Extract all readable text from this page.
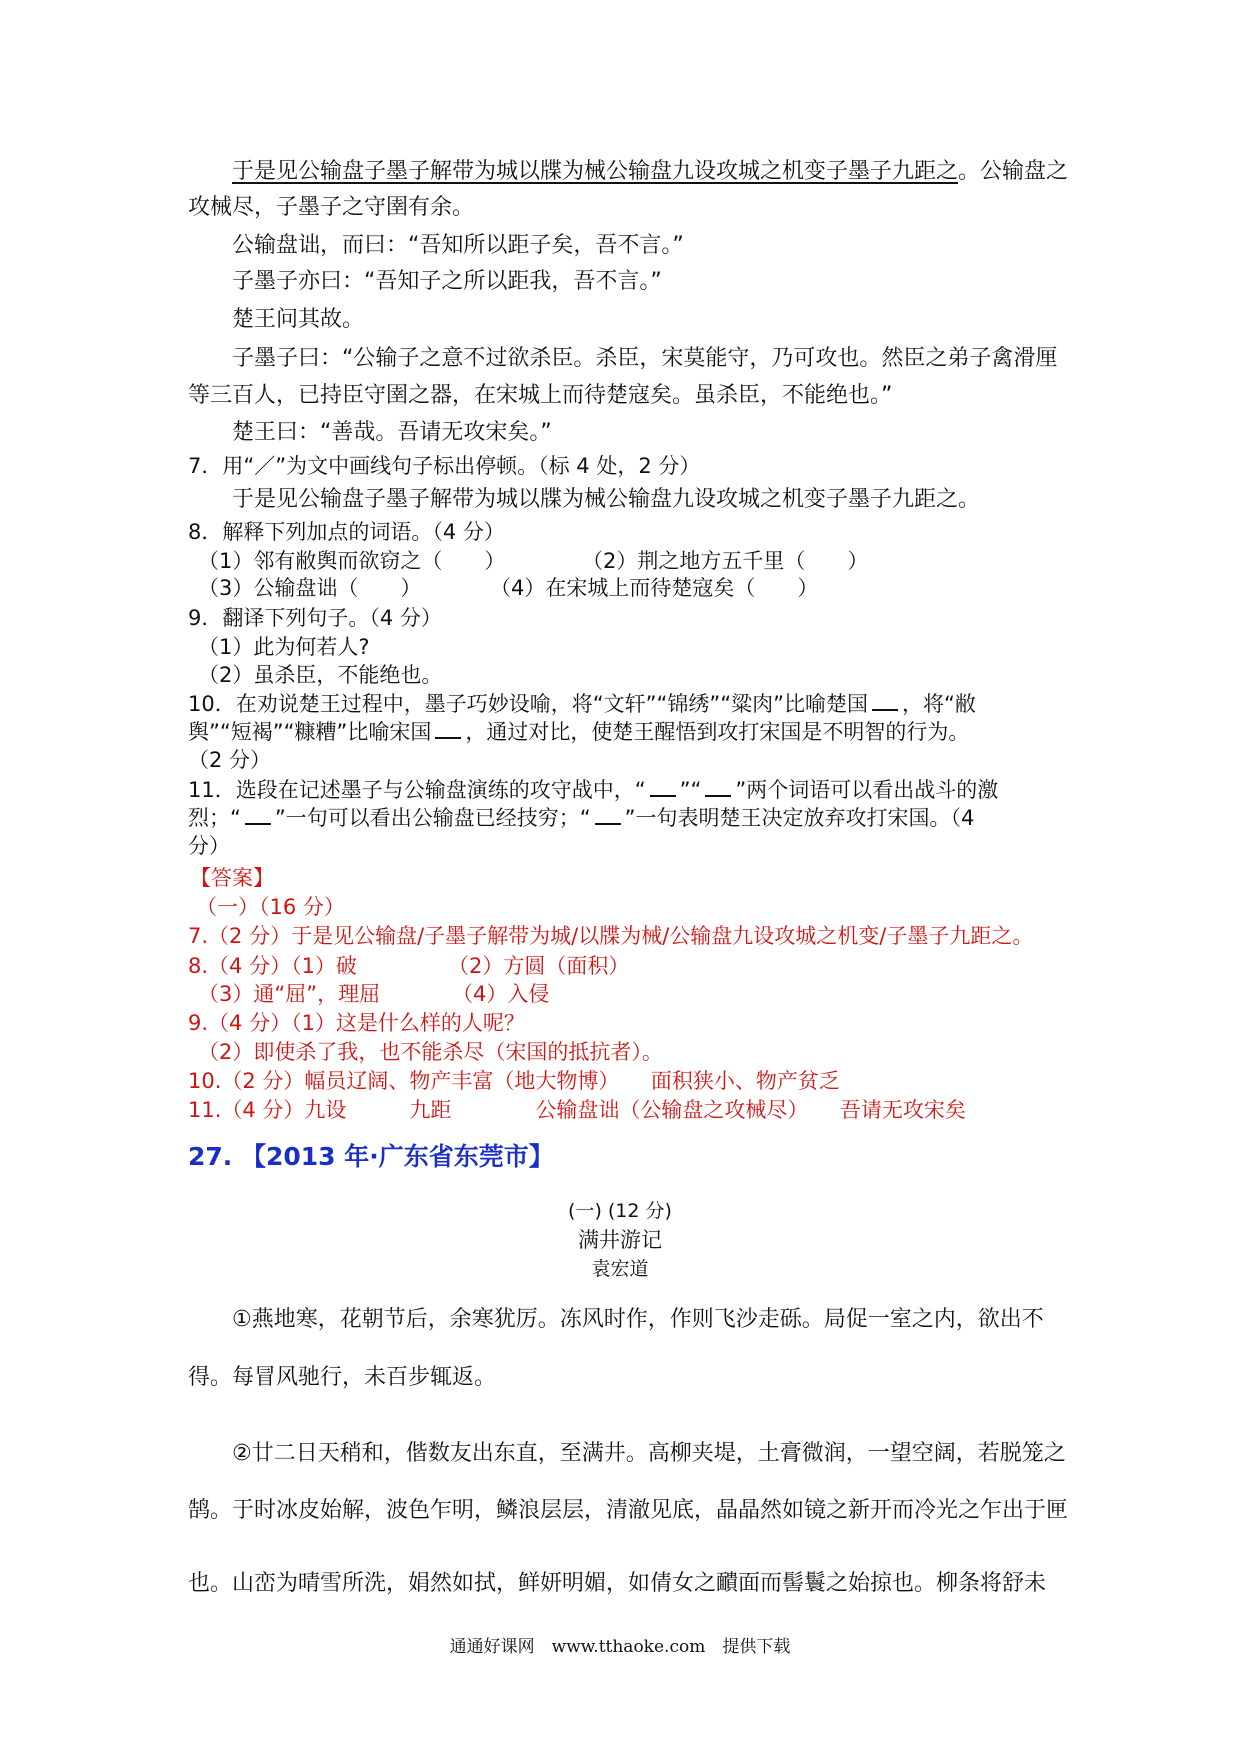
于是见公输盘子墨子解带为城以牒为械公输盘九设攻城之机变子墨子九距之。公输盘之
攻械尽，子墨子之守圉有余。
公输盘诎，而曰：“吾知所以距子矣，吾不言。”
子墨子亦曰：“吾知子之所以距我，吾不言。”
楚王问其故。
子墨子曰：“公输子之意不过欲杀臣。杀臣，宋莫能守，乃可攻也。然臣之弟子禽滑厘
等三百人，已持臣守圉之器，在宋城上而待楚寇矣。虽杀臣，不能绝也。”
楚王曰：“善哉。吾请无攻宋矣。”
7．用“／”为文中画线句子标出停顿。（标 4 处，2 分）
于是见公输盘子墨子解带为城以牒为械公输盘九设攻城之机变子墨子九距之。
8．解释下列加点的词语。（4 分）
（1）邻有敝舆而欲窃之（　　）	（2）荆之地方五千里（　　）
（3）公输盘诎（　　）	（4）在宋城上而待楚寇矣（　　）
9．翻译下列句子。（4 分）
（1）此为何若人?
（2）虽杀臣，不能绝也。
10．在劝说楚王过程中，墨子巧妙设喻，将“文轩”“锦绣”“粱肉”比喻楚国 ，将“敝
舆”“短褐”“糠糟”比喻宋国 ，通过对比，使楚王醒悟到攻打宋国是不明智的行为。
（2 分）
11．选段在记述墨子与公输盘演练的攻守战中，“ ”“ ”两个词语可以看出战斗的激
烈；“ ”一句可以看出公输盘已经技穷；“ ”一句表明楚王决定放弃攻打宋国。（4
分）
【答案】
（一）（16 分）
7.（2 分）于是见公输盘/子墨子解带为城/以牒为械/公输盘九设攻城之机变/子墨子九距之。
8.（4 分）（1）破	（2）方圆（面积）
（3）通“屈”，理屈	（4）入侵
9.（4 分）（1）这是什么样的人呢？
（2）即使杀了我，也不能杀尽（宋国的抵抗者）。
10.（2 分）幅员辽阔、物产丰富（地大物博）　　面积狭小、物产贫乏
11.（4 分）九设　　　九距　　　　公输盘诎（公输盘之攻械尽）　　吾请无攻宋矣
27. 【2013 年·广东省东莞市】
(一) (12 分)
满井游记
袁宏道
①燕地寒，花朝节后，余寒犹厉。冻风时作，作则飞沙走砾。局促一室之内，欲出不
得。每冒风驰行，未百步辄返。
②廿二日天稍和，偕数友出东直，至满井。高柳夹堤，土膏微润，一望空阔，若脱笼之
鹄。于时冰皮始解，波色乍明，鳞浪层层，清澈见底，晶晶然如镜之新开而冷光之乍出于匣
也。山峦为晴雪所洗，娟然如拭，鲜妍明媚，如倩女之靧面而髻鬟之始掠也。柳条将舒未
通通好课网　www.tthaoke.com　提供下载
